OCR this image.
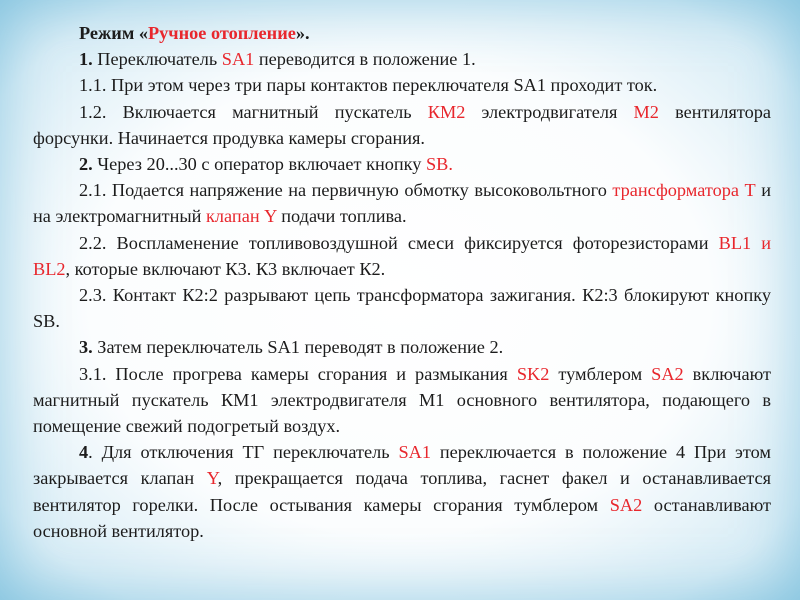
Режим «Ручное отопление».

1. Переключатель SA1 переводится в положение 1.

1.1. При этом через три пары контактов переключателя SA1 проходит ток.

1.2. Включается магнитный пускатель КМ2 электродвигателя М2 вентилятора форсунки. Начинается продувка камеры сгорания.

2. Через 20...30 с оператор включает кнопку SB.

2.1. Подается напряжение на первичную обмотку высоковольтного трансформатора Т и на электромагнитный клапан Y подачи топлива.

2.2. Воспламенение топливовоздушной смеси фиксируется фоторезисторами BL1 и BL2, которые включают К3. К3 включает К2.

2.3. Контакт К2:2 разрывают цепь трансформатора зажигания. К2:3 блокируют кнопку SB.

3. Затем переключатель SA1 переводят в положение 2.

3.1. После прогрева камеры сгорания и размыкания SK2 тумблером SA2 включают магнитный пускатель КМ1 электродвигателя М1 основного вентилятора, подающего в помещение свежий подогретый воздух.

4. Для отключения ТГ переключатель SA1 переключается в положение 4 При этом закрывается клапан Y, прекращается подача топлива, гаснет факел и останавливается вентилятор горелки. После остывания камеры сгорания тумблером SA2 останавливают основной вентилятор.
